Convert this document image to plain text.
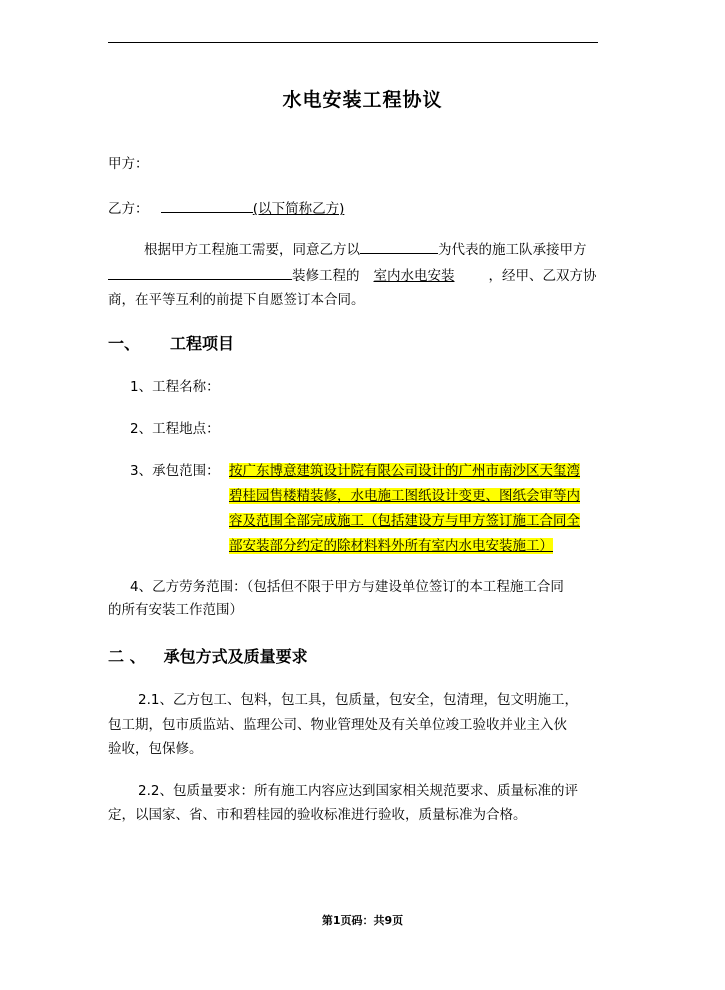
水电安装工程协议
甲方：
乙方：	(以下简称乙方)
根据甲方工程施工需要，同意乙方以	为代表的施工队承接甲方
装修工程的 室内水电安装	，经甲、乙双方协
商，在平等互利的前提下自愿签订本合同。
一、 工程项目
1、工程名称：
2、工程地点：
3、承包范围： 按广东博意建筑设计院有限公司设计的广州市南沙区天玺湾
碧桂园售楼精装修，水电施工图纸设计变更、图纸会审等内
容及范围全部完成施工（包括建设方与甲方签订施工合同全
部安装部分约定的除材料料外所有室内水电安装施工）
4、乙方劳务范围：（包括但不限于甲方与建设单位签订的本工程施工合同
的所有安装工作范围）
二 、 承包方式及质量要求
2.1、乙方包工、包料，包工具，包质量，包安全，包清理，包文明施工，
包工期，包市质监站、监理公司、物业管理处及有关单位竣工验收并业主入伙
验收，包保修。
2.2、包质量要求：所有施工内容应达到国家相关规范要求、质量标准的评
定，以国家、省、市和碧桂园的验收标准进行验收，质量标准为合格。
第1页码：共9页
